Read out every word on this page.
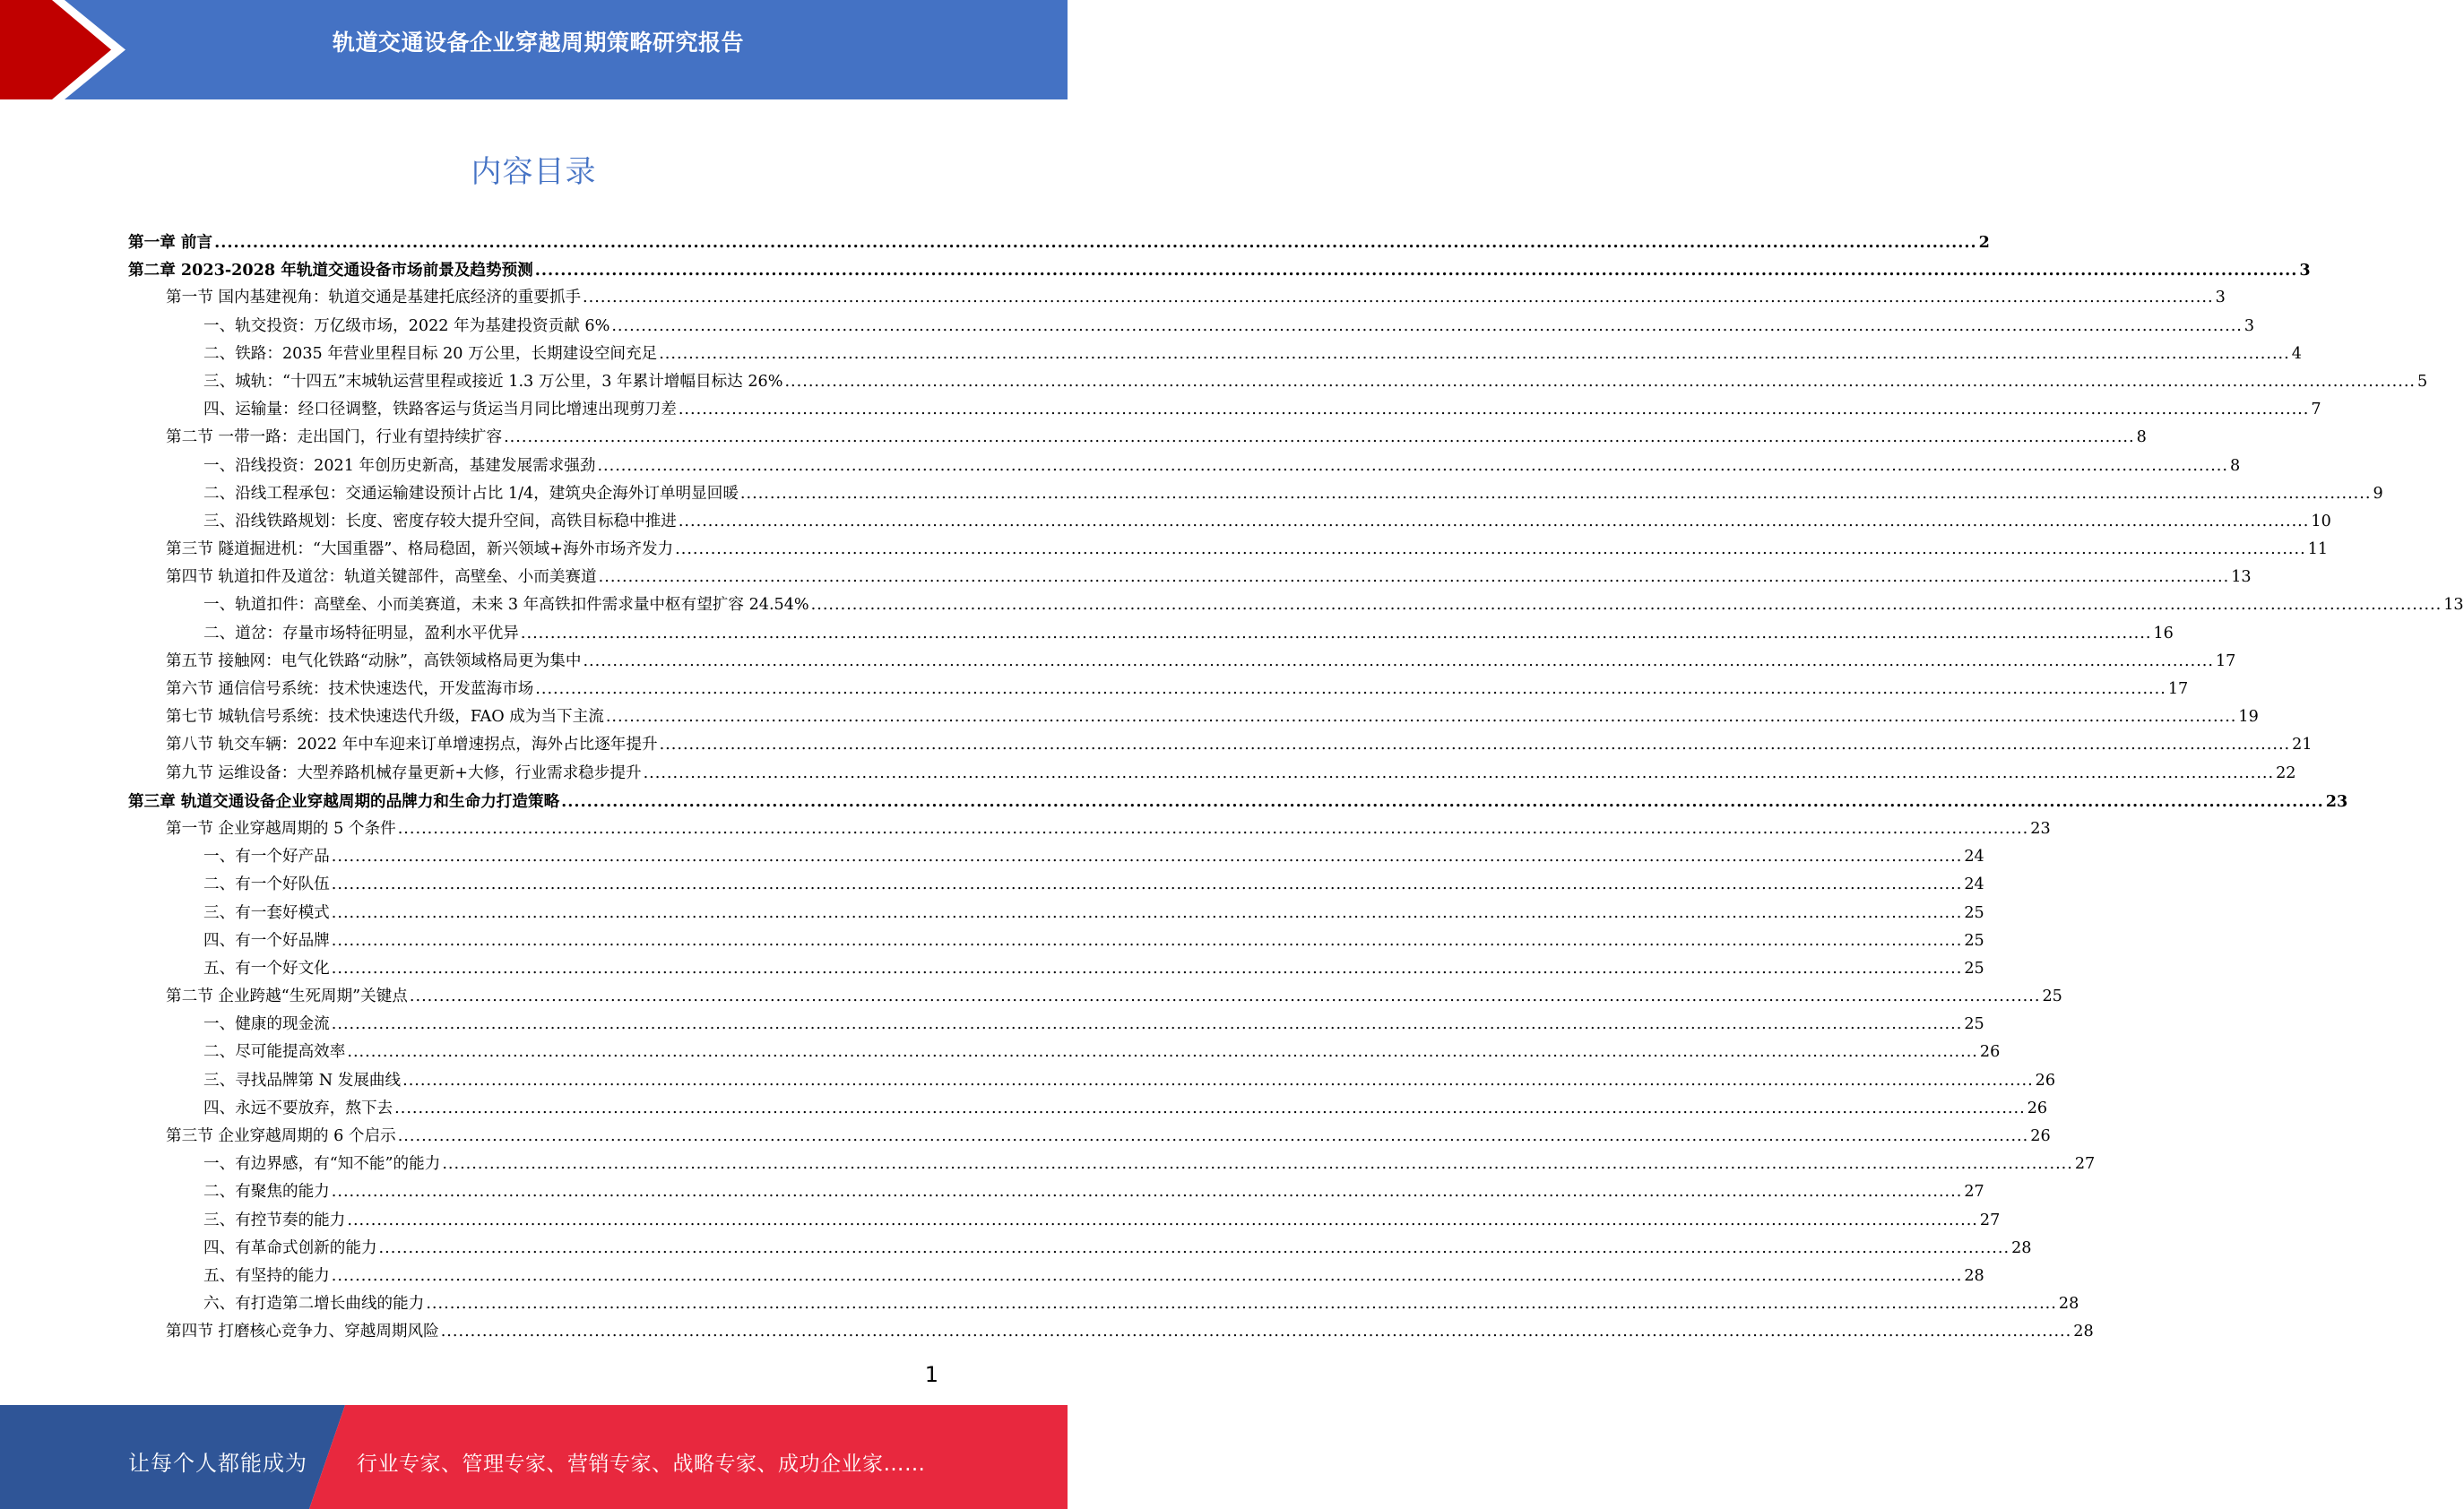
轨道交通设备企业穿越周期策略研究报告
内容目录
第一章 前言 .....	2
第二章 2023-2028 年轨道交通设备市场前景及趋势预测 .....	3
第一节 国内基建视角：轨道交通是基建托底经济的重要抓手 .....	3
一、轨交投资：万亿级市场，2022 年为基建投资贡献 6% .....	3
二、铁路：2035 年营业里程目标 20 万公里，长期建设空间充足 .....	4
三、城轨：“十四五”末城轨运营里程或接近 1.3 万公里，3 年累计增幅目标达 26% .....	5
四、运输量：经口径调整，铁路客运与货运当月同比增速出现剪刀差 .....	7
第二节 一带一路：走出国门，行业有望持续扩容 .....	8
一、沿线投资：2021 年创历史新高，基建发展需求强劲 .....	8
二、沿线工程承包：交通运输建设预计占比 1/4，建筑央企海外订单明显回暖 .....	9
三、沿线铁路规划：长度、密度存较大提升空间，高铁目标稳中推进 .....	10
第三节 隧道掘进机：“大国重器”、格局稳固，新兴领域+海外市场齐发力 .....	11
第四节 轨道扣件及道岔：轨道关键部件，高壁垒、小而美赛道 .....	13
一、轨道扣件：高壁垒、小而美赛道，未来 3 年高铁扣件需求量中枢有望扩容 24.54% .....	13
二、道岔：存量市场特征明显，盈利水平优异 .....	16
第五节 接触网：电气化铁路“动脉”，高铁领域格局更为集中 .....	17
第六节 通信信号系统：技术快速迭代，开发蓝海市场 .....	17
第七节 城轨信号系统：技术快速迭代升级，FAO 成为当下主流 .....	19
第八节 轨交车辆：2022 年中车迎来订单增速拐点，海外占比逐年提升 .....	21
第九节 运维设备：大型养路机械存量更新+大修，行业需求稳步提升 .....	22
第三章 轨道交通设备企业穿越周期的品牌力和生命力打造策略 .....	23
第一节 企业穿越周期的 5 个条件 .....	23
一、有一个好产品 .....	24
二、有一个好队伍 .....	24
三、有一套好模式 .....	25
四、有一个好品牌 .....	25
五、有一个好文化 .....	25
第二节 企业跨越“生死周期”关键点 .....	25
一、健康的现金流 .....	25
二、尽可能提高效率 .....	26
三、寻找品牌第 N 发展曲线 .....	26
四、永远不要放弃，熬下去 .....	26
第三节 企业穿越周期的 6 个启示 .....	26
一、有边界感，有“知不能”的能力 .....	27
二、有聚焦的能力 .....	27
三、有控节奏的能力 .....	27
四、有革命式创新的能力 .....	28
五、有坚持的能力 .....	28
六、有打造第二增长曲线的能力 .....	28
第四节 打磨核心竞争力、穿越周期风险 .....	28
1
让每个人都能成为 行业专家、管理专家、营销专家、战略专家、成功企业家……
